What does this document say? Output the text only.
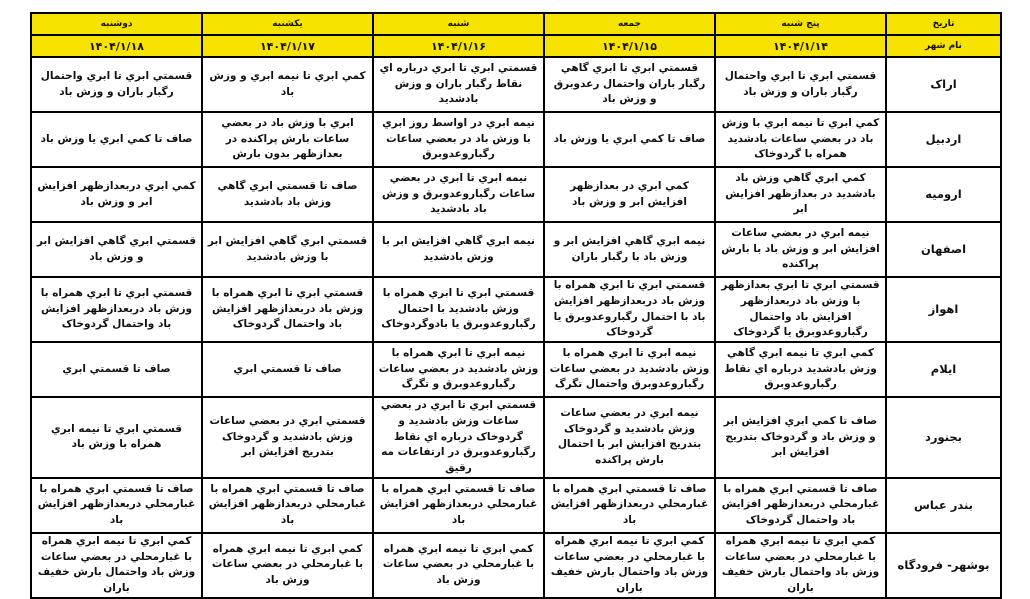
تاریخ	پنج شنبه	جمعه	شنبه	یکشنبه	دوشنبه
نام شهر	۱۴۰۴/۱/۱۴	۱۴۰۴/۱/۱۵	۱۴۰۴/۱/۱۶	۱۴۰۴/۱/۱۷	۱۴۰۴/۱/۱۸
اراک	قسمتي ابري تا ابري واحتمال رگبار باران و وزش باد	قسمتي ابري تا ابري گاهي رگبار باران واحتمال رعدوبرق و وزش باد	قسمتي ابري تا ابري درباره اي نقاط رگبار باران و وزش بادشديد	كمي ابري تا نيمه ابري و وزش باد	قسمتي ابري تا ابري واحتمال رگبار باران و وزش باد
اردبیل	كمي ابري تا نيمه ابري با وزش باد در بعضي ساعات بادشديد همراه با گردوخاک	صاف تا كمي ابري يا وزش باد	نيمه ابري در اواسط روز ابري با وزش باد در بعضي ساعات رگباروعدوبرق	ابري با وزش باد در بعضي ساعات بارش پراكنده در بعدازظهر بدون بارش	صاف تا كمي ابري يا وزش باد
ارومیه	كمي ابري گاهي وزش باد بادشديد در بعدازظهر افزايش ابر	كمي ابري در بعدازظهر افزايش ابر و وزش باد	نيمه ابري تا ابري در بعضي ساعات رگباروعدوبرق و وزش باد بادشديد	صاف تا قسمتي ابري گاهي وزش باد بادشديد	كمي ابري دربعدازظهر افزايش ابر و وزش باد
اصفهان	نيمه ابري در بعضي ساعات افزايش ابر و وزش باد با بارش پراكنده	نيمه ابري گاهي افزايش ابر و وزش باد با رگبار باران	نيمه ابري گاهي افزايش ابر با وزش بادشديد	قسمتي ابري گاهي افزايش ابر با وزش بادشديد	قسمتي ابري گاهي افزايش ابر و وزش باد
اهواز	قسمتي ابري تا ابري بعدازظهر با وزش باد دربعدازظهر افزايش باد واحتمال رگباروعدوبرق يا گردوخاک	قسمتي ابري تا ابري همراه با وزش باد دربعدازظهر افزايش باد با احتمال رگباروعدوبرق يا گردوخاک	قسمتي ابري تا ابري همراه با وزش بادشديد با احتمال رگباروعدوبرق يا بادوگردوخاک	قسمتي ابري تا ابري همراه با وزش باد دربعدازظهر افزايش باد واحتمال گردوخاک	قسمتي ابري تا ابري همراه با وزش باد دربعدازظهر افزايش باد واحتمال گردوخاک
ایلام	كمي ابري تا نيمه ابري گاهي وزش بادشديد درباره اي نقاط رگباروعدوبرق	نيمه ابري تا ابري همراه با وزش بادشديد در بعضي ساعات رگباروعدوبرق واحتمال تگرگ	نيمه ابري تا ابري همراه با وزش بادشديد در بعضي ساعات رگباروعدوبرق و تگرگ	صاف تا قسمتي ابري	صاف تا قسمتي ابري
بجنورد	صاف تا كمي ابري افزايش ابر و وزش باد و گردوخاک بتدريج افزايش ابر	نيمه ابري در بعضي ساعات وزش بادشديد و گردوخاک بتدريج افزايش ابر با احتمال بارش پراكنده	قسمتي ابري تا ابري در بعضي ساعات وزش بادشديد و گردوخاک درباره اي نقاط رگباروعدوبرق در ارتفاعات مه رقيق	قسمتي ابري در بعضي ساعات وزش بادشديد و گردوخاک بتدريج افزايش ابر	قسمتي ابري تا نيمه ابري همراه با وزش باد
بندر عباس	صاف تا قسمتي ابري همراه با غبارمحلي دربعدازظهر افزايش باد واحتمال گردوخاک	صاف تا قسمتي ابري همراه با غبارمحلي دربعدازظهر افزايش باد	صاف تا قسمتي ابري همراه با غبارمحلي دربعدازظهر افزايش باد	صاف تا قسمتي ابري همراه با غبارمحلي دربعدازظهر افزايش باد	صاف تا قسمتي ابري همراه با غبارمحلي دربعدازظهر افزايش باد
بوشهر- فرودگاه	كمي ابري تا نيمه ابري همراه با غبارمحلي در بعضي ساعات وزش باد واحتمال بارش خفيف باران	كمي ابري تا نيمه ابري همراه با غبارمحلي در بعضي ساعات وزش باد واحتمال بارش خفيف باران	كمي ابري تا نيمه ابري همراه با غبارمحلي در بعضي ساعات وزش باد	كمي ابري تا نيمه ابري همراه با غبارمحلي در بعضي ساعات وزش باد	كمي ابري تا نيمه ابري همراه با غبارمحلي در بعضي ساعات وزش باد واحتمال بارش خفيف باران
